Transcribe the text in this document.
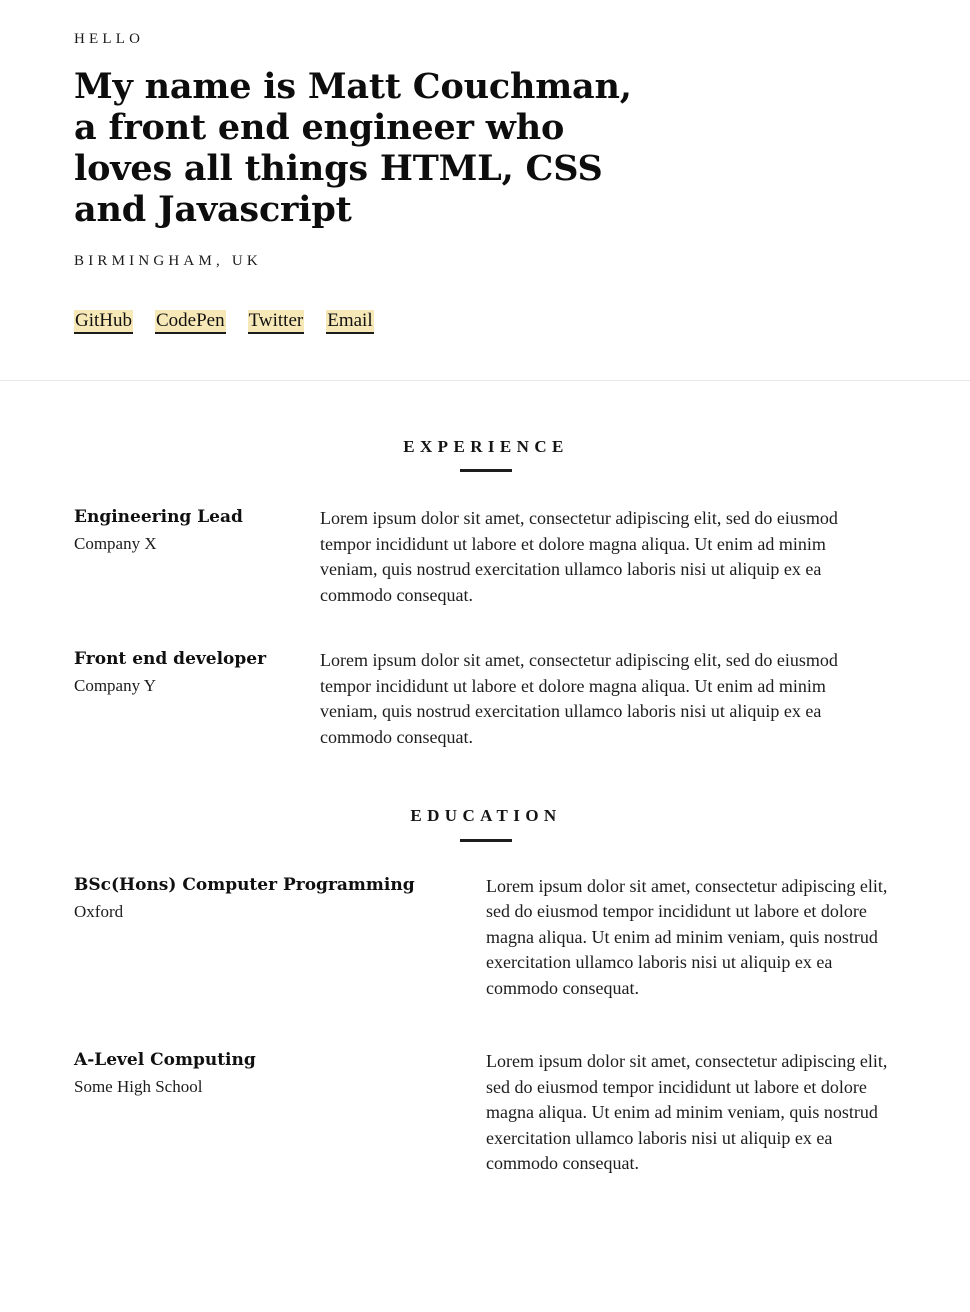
HELLO

My name is Matt Couchman,
a front end engineer who
loves all things HTML, CSS
and Javascript

BIRMINGHAM, UK

GitHub CodePen Twitter Email
EXPERIENCE
Engineering Lead

Company X

Lorem ipsum dolor sit amet, consectetur adipiscing elit, sed do eiusmod tempor incididunt ut labore et dolore magna aliqua. Ut enim ad minim veniam, quis nostrud exercitation ullamco laboris nisi ut aliquip ex ea commodo consequat.

Front end developer

Company Y

Lorem ipsum dolor sit amet, consectetur adipiscing elit, sed do eiusmod tempor incididunt ut labore et dolore magna aliqua. Ut enim ad minim veniam, quis nostrud exercitation ullamco laboris nisi ut aliquip ex ea commodo consequat.

EDUCATION
BSc(Hons) Computer Programming

Oxford

Lorem ipsum dolor sit amet, consectetur adipiscing elit, sed do eiusmod tempor incididunt ut labore et dolore magna aliqua. Ut enim ad minim veniam, quis nostrud exercitation ullamco laboris nisi ut aliquip ex ea commodo consequat.

A-Level Computing

Some High School

Lorem ipsum dolor sit amet, consectetur adipiscing elit, sed do eiusmod tempor incididunt ut labore et dolore magna aliqua. Ut enim ad minim veniam, quis nostrud exercitation ullamco laboris nisi ut aliquip ex ea commodo consequat.
